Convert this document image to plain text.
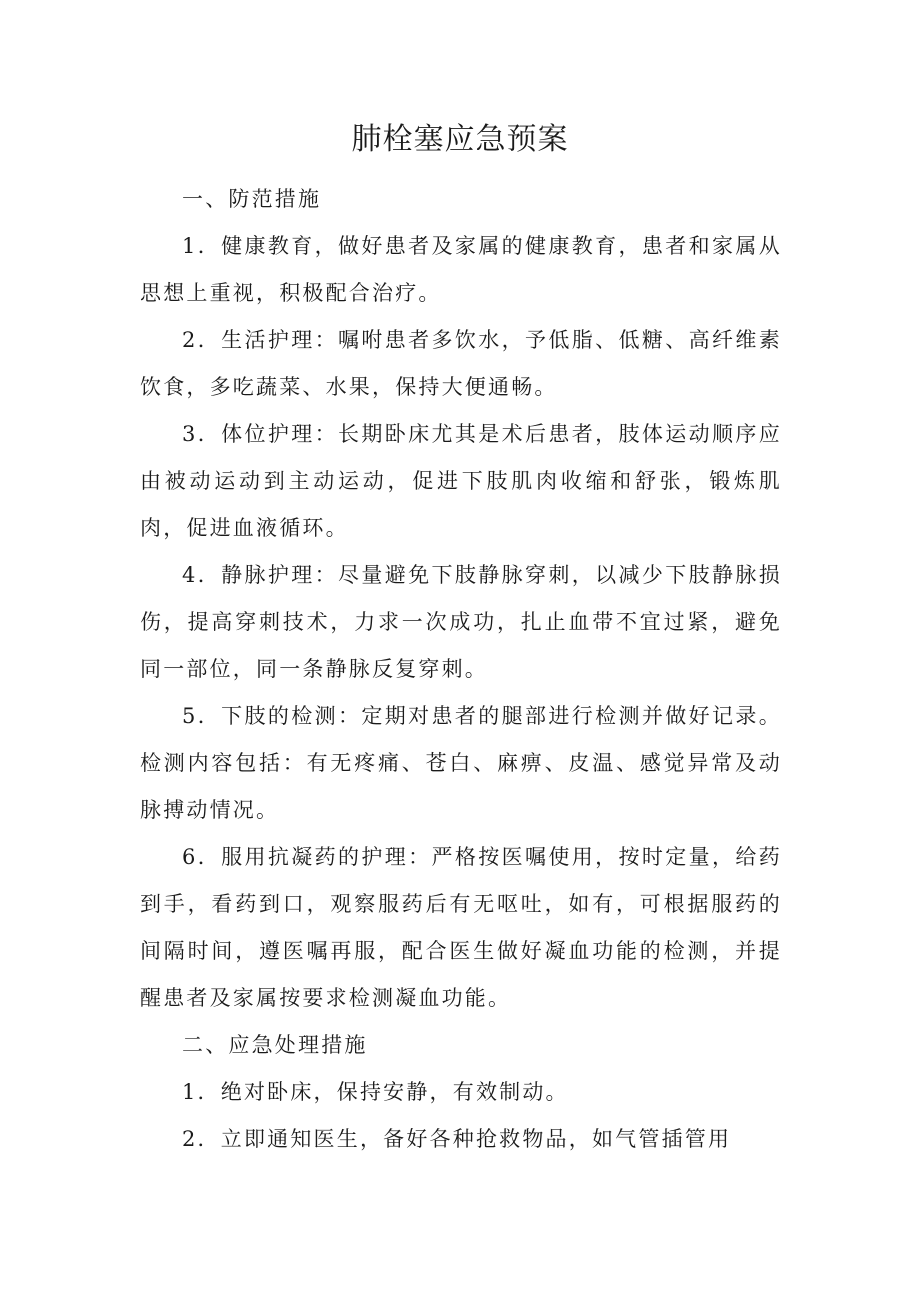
肺栓塞应急预案

一、防范措施

1．健康教育，做好患者及家属的健康教育，患者和家属从思想上重视，积极配合治疗。

2．生活护理：嘱咐患者多饮水，予低脂、低糖、高纤维素饮食，多吃蔬菜、水果，保持大便通畅。

3．体位护理：长期卧床尤其是术后患者，肢体运动顺序应由被动运动到主动运动，促进下肢肌肉收缩和舒张，锻炼肌肉，促进血液循环。

4．静脉护理：尽量避免下肢静脉穿刺，以减少下肢静脉损伤，提高穿刺技术，力求一次成功，扎止血带不宜过紧，避免同一部位，同一条静脉反复穿刺。

5．下肢的检测：定期对患者的腿部进行检测并做好记录。检测内容包括：有无疼痛、苍白、麻痹、皮温、感觉异常及动脉搏动情况。

6．服用抗凝药的护理：严格按医嘱使用，按时定量，给药到手，看药到口，观察服药后有无呕吐，如有，可根据服药的间隔时间，遵医嘱再服，配合医生做好凝血功能的检测，并提醒患者及家属按要求检测凝血功能。

二、应急处理措施

1．绝对卧床，保持安静，有效制动。

2．立即通知医生，备好各种抢救物品，如气管插管用
